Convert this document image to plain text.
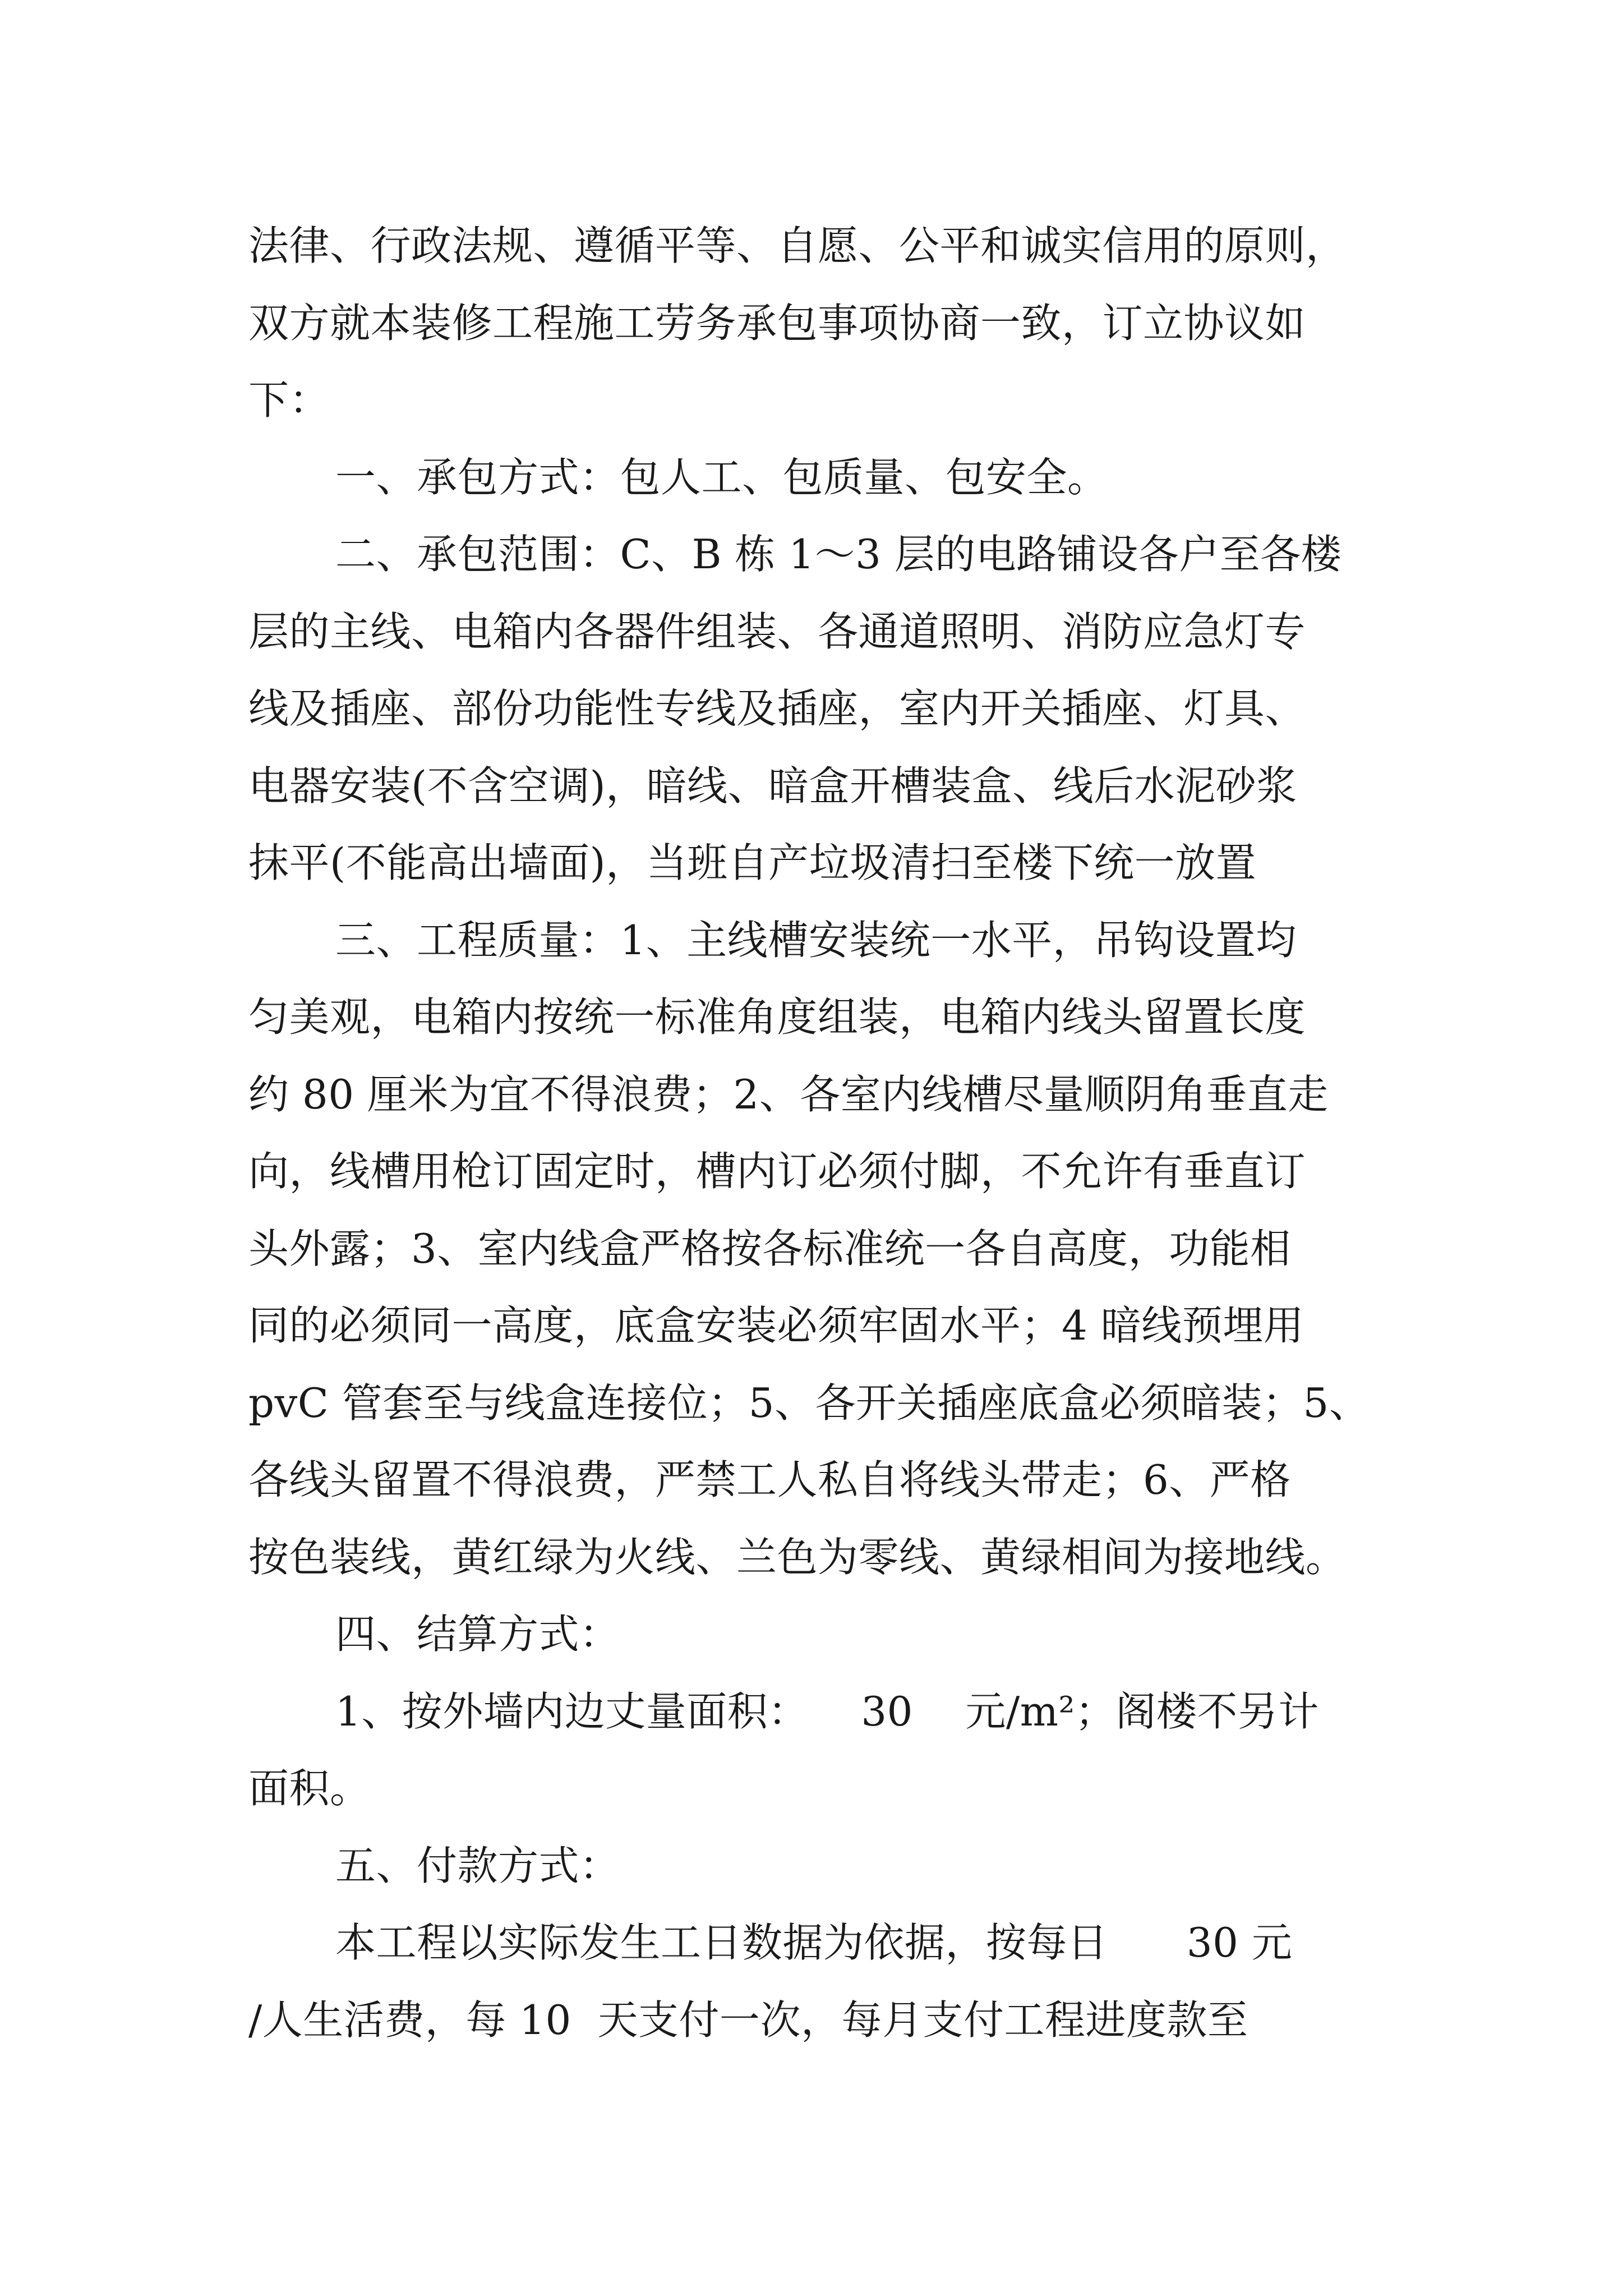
法律、行政法规、遵循平等、自愿、公平和诚实信用的原则，
双方就本装修工程施工劳务承包事项协商一致，订立协议如
下：
一、承包方式：包人工、包质量、包安全。
二、承包范围：C、B 栋 1～3 层的电路铺设各户至各楼
层的主线、电箱内各器件组装、各通道照明、消防应急灯专
线及插座、部份功能性专线及插座，室内开关插座、灯具、
电器安装(不含空调)，暗线、暗盒开槽装盒、线后水泥砂浆
抹平(不能高出墙面)，当班自产垃圾清扫至楼下统一放置
三、工程质量：1、主线槽安装统一水平，吊钩设置均
匀美观，电箱内按统一标准角度组装，电箱内线头留置长度
约 80 厘米为宜不得浪费；2、各室内线槽尽量顺阴角垂直走
向，线槽用枪订固定时，槽内订必须付脚，不允许有垂直订
头外露；3、室内线盒严格按各标准统一各自高度，功能相
同的必须同一高度，底盒安装必须牢固水平；4 暗线预埋用
pvC 管套至与线盒连接位；5、各开关插座底盒必须暗装；5、
各线头留置不得浪费，严禁工人私自将线头带走；6、严格
按色装线，黄红绿为火线、兰色为零线、黄绿相间为接地线。
四、结算方式：
1、按外墙内边丈量面积：    30    元/m²；阁楼不另计
面积。
五、付款方式：
本工程以实际发生工日数据为依据，按每日      30 元
/人生活费，每 10  天支付一次，每月支付工程进度款至
